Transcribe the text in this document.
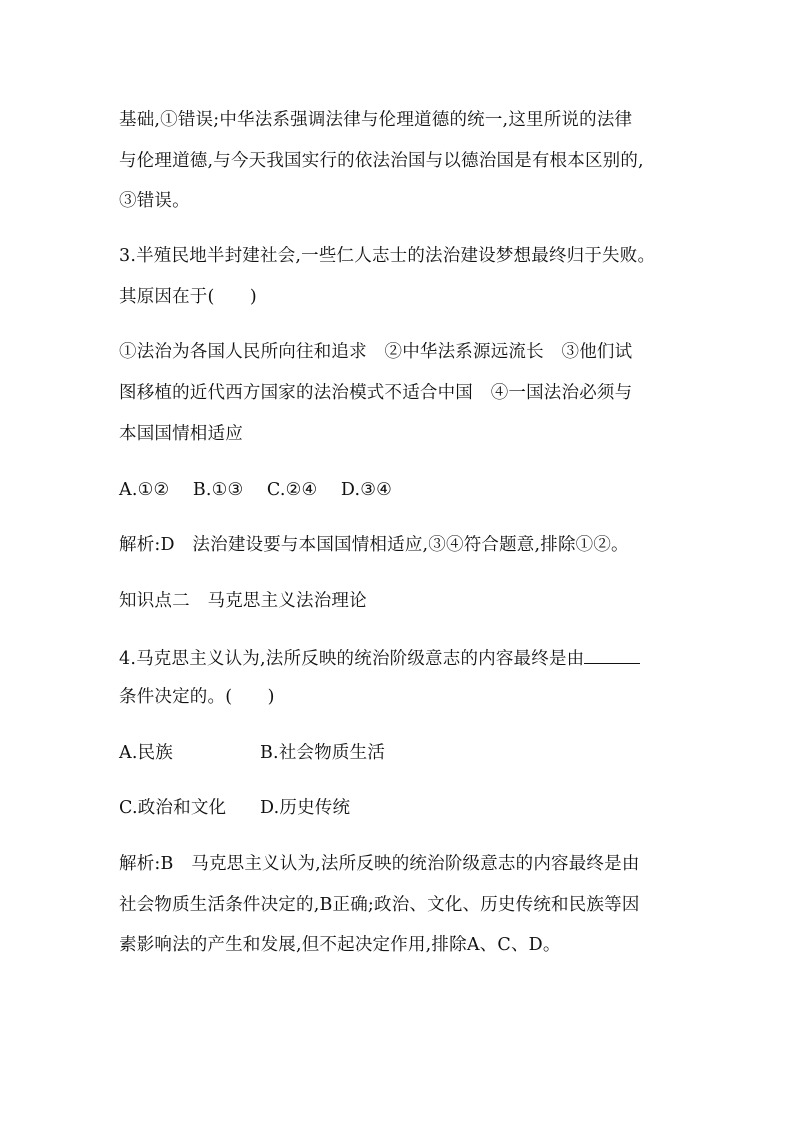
基础,①错误;中华法系强调法律与伦理道德的统一,这里所说的法律
与伦理道德,与今天我国实行的依法治国与以德治国是有根本区别的,
③错误。
3.半殖民地半封建社会,一些仁人志士的法治建设梦想最终归于失败。
其原因在于(　　)
①法治为各国人民所向往和追求　②中华法系源远流长　③他们试
图移植的近代西方国家的法治模式不适合中国　④一国法治必须与
本国国情相适应
A.①②　 B.①③　 C.②④　 D.③④
解析:D　法治建设要与本国国情相适应,③④符合题意,排除①②。
知识点二　马克思主义法治理论
4.马克思主义认为,法所反映的统治阶级意志的内容最终是由
条件决定的。(　　)
A.民族	B.社会物质生活
C.政治和文化 D.历史传统
解析:B　马克思主义认为,法所反映的统治阶级意志的内容最终是由
社会物质生活条件决定的,B正确;政治、文化、历史传统和民族等因
素影响法的产生和发展,但不起决定作用,排除A、C、D。
